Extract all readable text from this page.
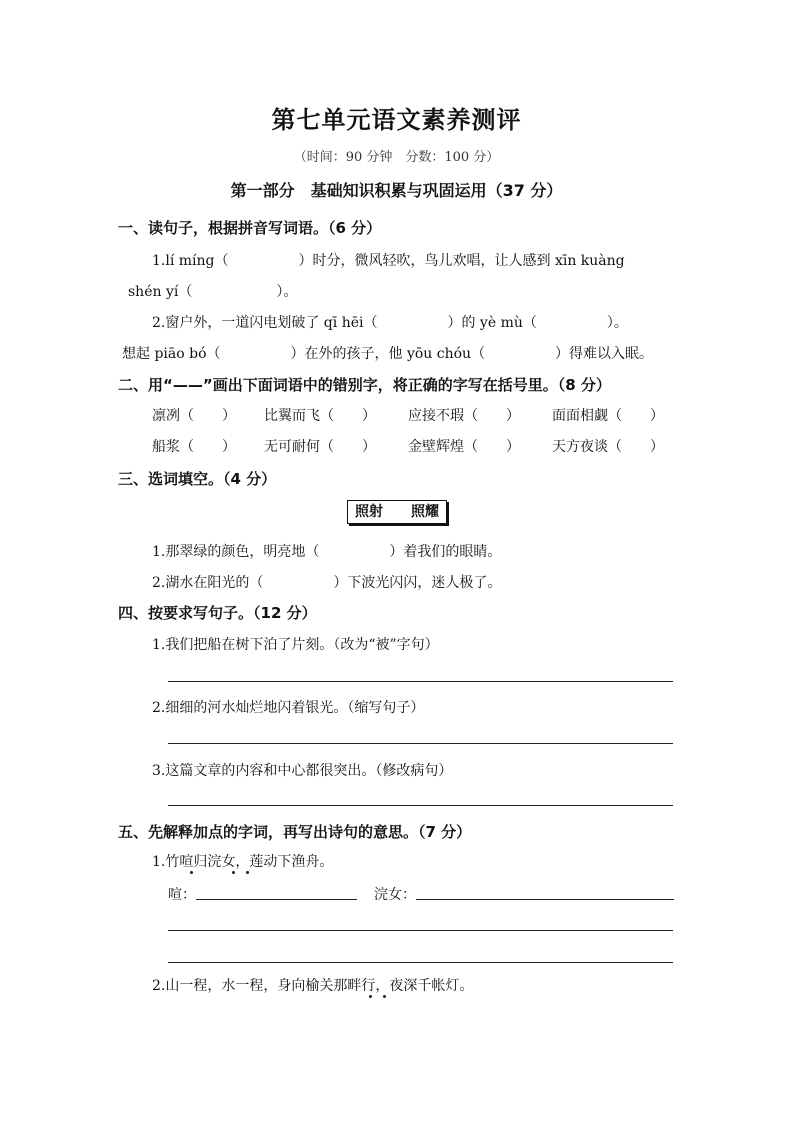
第七单元语文素养测评
（时间：90 分钟　分数：100 分）
第一部分　基础知识积累与巩固运用（37 分）
一、读句子，根据拼音写词语。（6 分）
1.lí míng（　　　　　）时分，微风轻吹，鸟儿欢唱，让人感到 xīn kuàng
shén yí（　　　　　　）。
2.窗户外，一道闪电划破了 qī hēi（　　　　　）的 yè mù（　　　　　）。
想起 piāo bó（　　　　　）在外的孩子，他 yōu chóu（　　　　　）得难以入眠。
二、用“——”画出下面词语中的错别字，将正确的字写在括号里。（8 分）
凛冽（　　） 比翼而飞（　　） 应接不瑕（　　） 面面相觑（　　）
船浆（　　） 无可耐何（　　） 金壁辉煌（　　） 天方夜谈（　　）
三、选词填空。（4 分）
照射　　照耀
1.那翠绿的颜色，明亮地（　　　　　）着我们的眼睛。
2.湖水在阳光的（　　　　　）下波光闪闪，迷人极了。
四、按要求写句子。（12 分）
1.我们把船在树下泊了片刻。（改为“被”字句）
2.细细的河水灿烂地闪着银光。（缩写句子）
3.这篇文章的内容和中心都很突出。（修改病句）
五、先解释加点的字词，再写出诗句的意思。（7 分）
1.竹喧归浣女，莲动下渔舟。
喧：	浣女：
2.山一程，水一程，身向榆关那畔行，夜深千帐灯。
